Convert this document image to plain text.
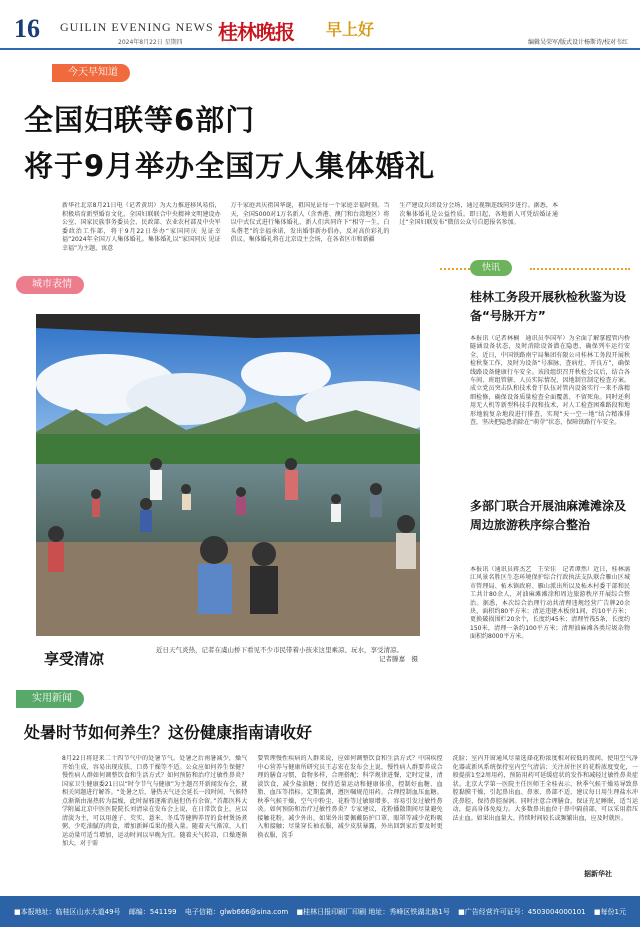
16 GUILIN EVENING NEWS
2024年8月22日 星期四 桂林晚报 早上好
编辑吴荣军/版式设计杨斯诗/校对韦红
今天早知道
全国妇联等6部门
将于9月举办全国万人集体婚礼
新华社北京8月21日电（记者黄玥）为大力推进移风易俗，积极培育新型婚育文化，全国妇联联合中央精神文明建设办公室、国家民族事务委员会、民政部、农业农村部及中央军委政治工作部，将于9月22日举办“家国同庆 见证幸福”2024年全国万人集体婚礼。集体婚礼以“家国同庆 见证幸福”为主题，寓意
万千家庭共庆祖国华诞，祖国见证每一个家庭幸福时刻。当天，全国5000对1万名新人（含香港、澳门和台湾地区）将以中式仪式进行集体婚礼，新人们共同许下“相守一生，白头偕老”的幸福承诺，发出婚事新办倡办，反对高价彩礼的倡议。集体婚礼将在北京设主会场，在各省区市和新疆
生产建设兵团设分会场，通过视频连线同步进行。据悉，本次集体婚礼是公益性质。即日起，各地新人可凭结婚证通过“全国妇联发布”微信公众号自愿报名参加。
城市表情
享受清凉	近日天气炎热，记者在虞山桥下看见不少市民带着小孩来这里乘凉、玩水，享受清凉。
记者滕嘉　摄
快讯
桂林工务段开展秋检秋鉴为设备“号脉开方”
本报讯（记者林楠　通讯员李国军）为全面了解掌握管内桥隧涵设备状态，及时消除设备潜在隐患，确保列车运行安全，近日，中国铁路南宁局集团有限公司桂林工务段开展秋检秋鉴工作，及时为设备“号准脉、查病灶、开良方”，确保线路设备健康行车安全。该段组织召开秋检会议后，结合各车间、班组管辖、人员实际情况，因地制宜制定检查方案。成立党员突击队和技术骨干队伍对管内设备实行一来不落精细检修，确保设备质量检查全面覆盖、不留死角。同时还利用无人机等新型科技手段和技术，对人工检查困难路段和地形地貌复杂地段进行排查，实现“天一空一地”结合精准排查，坚决把隐患消除在“萌芽”状态，保障铁路行车安全。
多部门联合开展油麻滩滩涂及周边旅游秩序综合整治
本报讯（通讯员蒋杰艺　王荣佳　记者谭然）近日，桂林漓江风景名胜区生态环境保护综合行政执法支队联合雁山区城市管理局、柘木镇政府、雁山派出所以及柘木村委干部和民工共计80余人，对油麻滩滩涂和周边旅游秩序开展综合整治。据悉，本次综合治理行动共清理违规经营广告牌20余块，面积约80平方米；清运违建木板房1间，约10平方米；更换破损围栏20余个，长度约45米；清理竹筏5条，长度约150米，清理一条约100平方米；清理油麻滩各类垃圾杂物面积约8000平方米。
实用新闻
处暑时节如何养生？这份健康指南请收好
8月22日将迎来二十四节气中的处暑节气。处暑之后南暑减少，燥气开始生成，容易出现皮肤、口鼻干燥等不适。公众应如何养生保健？慢性病人群如何调整饮食和生活方式？如何预防和治疗过敏性鼻炎？国家卫生健康委21日以“时令节气与健康”为主题召开新闻发布会，就相关问题进行解答。“处暑之后，暑热天气还会延长一段时间，气候特点渐渐由湿热转为温燥，此时湿邪逐渐消退但仍有余留。”首都医科大学附属北京中医医院院长刘清泉在发布会上说，在日常饮食上，应以清淡为主，可以用莲子、芡实、薏米、冬瓜等健脾养胃的食材煲汤煮粥，少吃油腻的肉食，增加新鲜瓜果的摄入量。随着天气渐凉，人们运动量可适当增加，运动时间以早晚为宜。随着天气转凉，口燥逐渐加大，对于需
要管理慢性疾病的人群来说，应如何调整饮食和生活方式？中国疾控中心营养与健康所研究员王志宏在发布会上说，慢性病人群要养成合理的膳食习惯，食物多样，合理搭配；科学规律进餐，定时定量，清淡饮食，减少盐油糖；保持适量运动和健康体重，控制好血糖、血脂、血压等指标。定期监测，遵医嘱规范用药，合理控制血压血糖。秋季气候干燥，空气中粉尘、花粉等过敏原增多，容易引发过敏性鼻炎。如何预防和治疗过敏性鼻炎？专家建议，花粉播散期间尽量避免接触花粉，减少外出，如果外出要佩戴防护口罩、眼罩等减少花粉吸入和接触；尽量穿长袖衣服，减少皮肤暴露，外出回到家后要及时更换衣服，洗手
洗脸；室内开窗通风尽量选择花粉浓度相对较低的夜间，使用空气净化器或新风系统保持室内空气清洁；关注居住区的花粉浓度变化，一般提前1至2周用药，预防用药可延缓症状的发作和减轻过敏性鼻炎症状。北京大学第一医院主任医师王全桂表示，秋季气候干燥易导致鼻腔黏膜干燥，引起鼻出血、鼻塞、鼻部不适，建议每日用生理盐水冲洗鼻腔，保持鼻腔湿润。同时注意合理膳食，保证充足睡眠，适当运动，提高身体免疫力。大多数鼻出血位于鼻中隔前部，可以采用指压法止血。如果出血量大、持续时间较长或频繁出血，应及时就医。
据新华社
■本报地址：临桂区山水大道49号 邮编：541199 电子信箱：glwb666@sina.com ■桂林日报印刷厂印刷 地址：秀峰区铁湖北路1号 ■广告经营许可证号：4503004000101 ■每份1元
